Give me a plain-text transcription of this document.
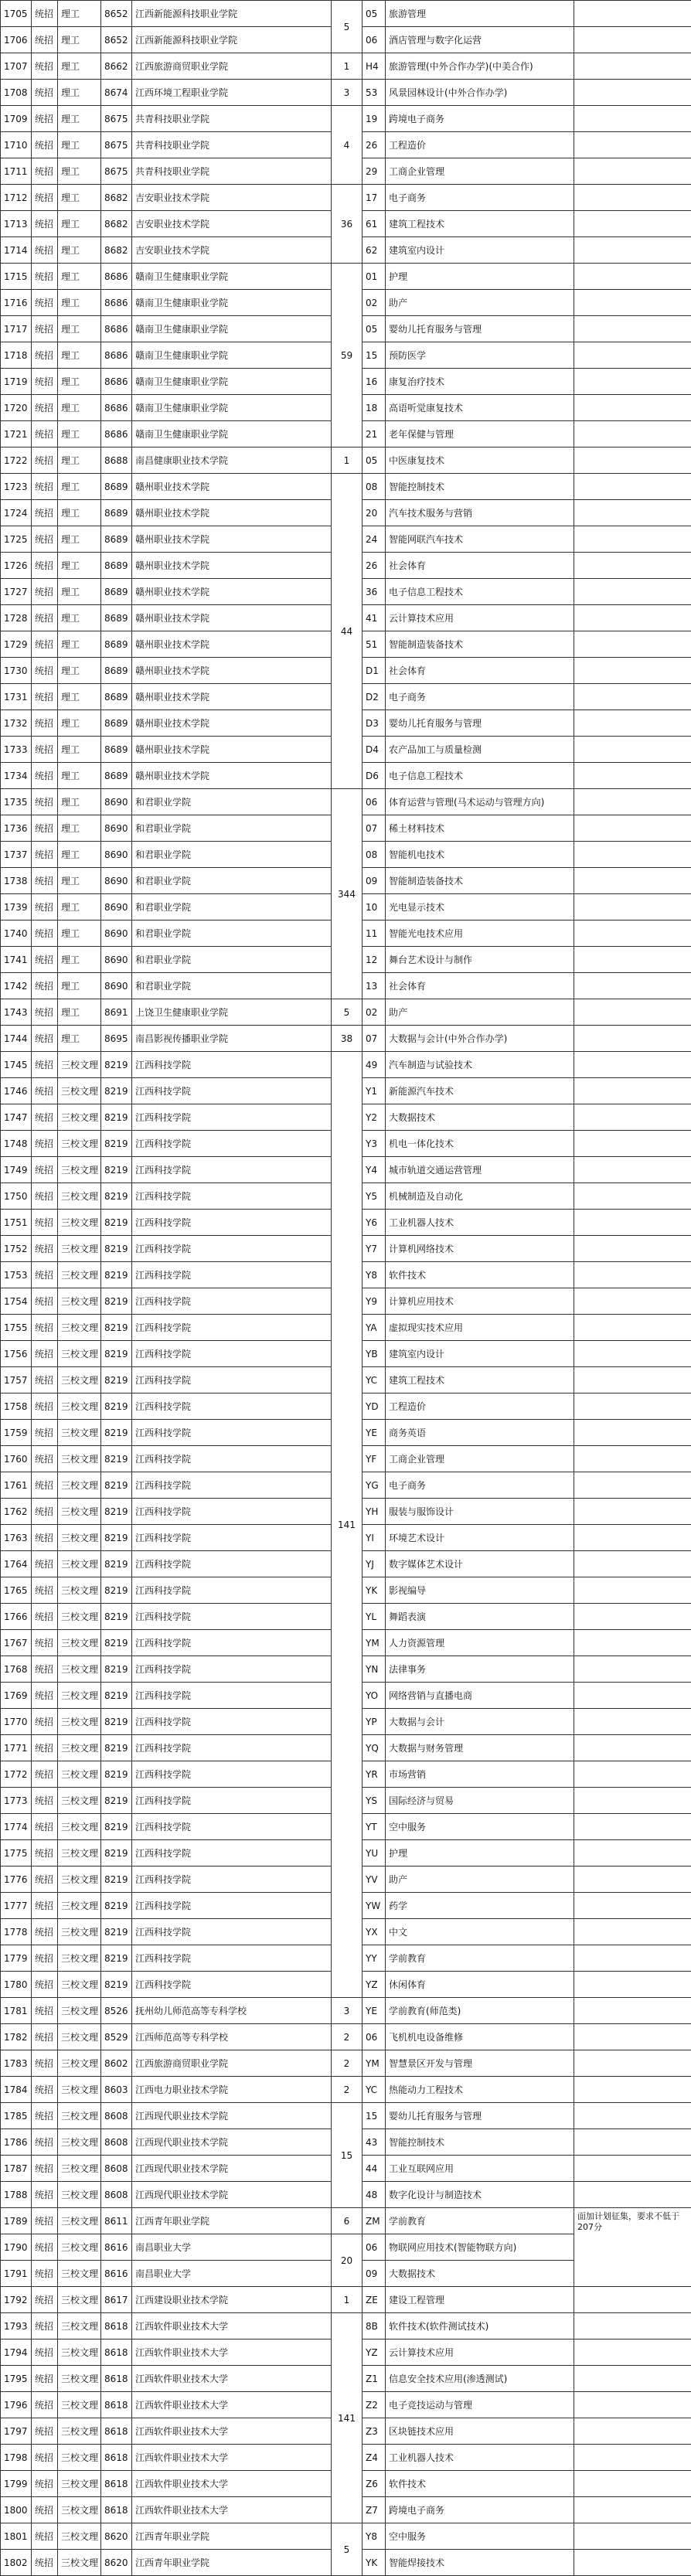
1705	统招	理工	8652	江西新能源科技职业学院	5	05	旅游管理	
1706	统招	理工	8652	江西新能源科技职业学院		06	酒店管理与数字化运营	
1707	统招	理工	8662	江西旅游商贸职业学院	1	H4	旅游管理(中外合作办学)(中美合作)	
1708	统招	理工	8674	江西环境工程职业学院	3	53	风景园林设计(中外合作办学)	
1709	统招	理工	8675	共青科技职业学院	4	19	跨境电子商务	
1710	统招	理工	8675	共青科技职业学院		26	工程造价	
1711	统招	理工	8675	共青科技职业学院		29	工商企业管理	
1712	统招	理工	8682	吉安职业技术学院	36	17	电子商务	
1713	统招	理工	8682	吉安职业技术学院		61	建筑工程技术	
1714	统招	理工	8682	吉安职业技术学院		62	建筑室内设计	
1715	统招	理工	8686	赣南卫生健康职业学院	59	01	护理	
1716	统招	理工	8686	赣南卫生健康职业学院		02	助产	
1717	统招	理工	8686	赣南卫生健康职业学院		05	婴幼儿托育服务与管理	
1718	统招	理工	8686	赣南卫生健康职业学院		15	预防医学	
1719	统招	理工	8686	赣南卫生健康职业学院		16	康复治疗技术	
1720	统招	理工	8686	赣南卫生健康职业学院		18	高语听觉康复技术	
1721	统招	理工	8686	赣南卫生健康职业学院		21	老年保健与管理	
1722	统招	理工	8688	南昌健康职业技术学院	1	05	中医康复技术	
1723	统招	理工	8689	赣州职业技术学院	44	08	智能控制技术	
1724	统招	理工	8689	赣州职业技术学院		20	汽车技术服务与营销	
1725	统招	理工	8689	赣州职业技术学院		24	智能网联汽车技术	
1726	统招	理工	8689	赣州职业技术学院		26	社会体育	
1727	统招	理工	8689	赣州职业技术学院		36	电子信息工程技术	
1728	统招	理工	8689	赣州职业技术学院		41	云计算技术应用	
1729	统招	理工	8689	赣州职业技术学院		51	智能制造装备技术	
1730	统招	理工	8689	赣州职业技术学院		D1	社会体育	
1731	统招	理工	8689	赣州职业技术学院		D2	电子商务	
1732	统招	理工	8689	赣州职业技术学院		D3	婴幼儿托育服务与管理	
1733	统招	理工	8689	赣州职业技术学院		D4	农产品加工与质量检测	
1734	统招	理工	8689	赣州职业技术学院		D6	电子信息工程技术	
1735	统招	理工	8690	和君职业学院	344	06	体育运营与管理(马术运动与管理方向)	
1736	统招	理工	8690	和君职业学院		07	稀土材料技术	
1737	统招	理工	8690	和君职业学院		08	智能机电技术	
1738	统招	理工	8690	和君职业学院		09	智能制造装备技术	
1739	统招	理工	8690	和君职业学院		10	光电显示技术	
1740	统招	理工	8690	和君职业学院		11	智能光电技术应用	
1741	统招	理工	8690	和君职业学院		12	舞台艺术设计与制作	
1742	统招	理工	8690	和君职业学院		13	社会体育	
1743	统招	理工	8691	上饶卫生健康职业学院	5	02	助产	
1744	统招	理工	8695	南昌影视传播职业学院	38	07	大数据与会计(中外合作办学)	
1745	统招	三校文理	8219	江西科技学院	141	49	汽车制造与试验技术	
1746	统招	三校文理	8219	江西科技学院		Y1	新能源汽车技术	
1747	统招	三校文理	8219	江西科技学院		Y2	大数据技术	
1748	统招	三校文理	8219	江西科技学院		Y3	机电一体化技术	
1749	统招	三校文理	8219	江西科技学院		Y4	城市轨道交通运营管理	
1750	统招	三校文理	8219	江西科技学院		Y5	机械制造及自动化	
1751	统招	三校文理	8219	江西科技学院		Y6	工业机器人技术	
1752	统招	三校文理	8219	江西科技学院		Y7	计算机网络技术	
1753	统招	三校文理	8219	江西科技学院		Y8	软件技术	
1754	统招	三校文理	8219	江西科技学院		Y9	计算机应用技术	
1755	统招	三校文理	8219	江西科技学院		YA	虚拟现实技术应用	
1756	统招	三校文理	8219	江西科技学院		YB	建筑室内设计	
1757	统招	三校文理	8219	江西科技学院		YC	建筑工程技术	
1758	统招	三校文理	8219	江西科技学院		YD	工程造价	
1759	统招	三校文理	8219	江西科技学院		YE	商务英语	
1760	统招	三校文理	8219	江西科技学院		YF	工商企业管理	
1761	统招	三校文理	8219	江西科技学院		YG	电子商务	
1762	统招	三校文理	8219	江西科技学院		YH	服装与服饰设计	
1763	统招	三校文理	8219	江西科技学院		YI	环境艺术设计	
1764	统招	三校文理	8219	江西科技学院		YJ	数字媒体艺术设计	
1765	统招	三校文理	8219	江西科技学院		YK	影视编导	
1766	统招	三校文理	8219	江西科技学院		YL	舞蹈表演	
1767	统招	三校文理	8219	江西科技学院		YM	人力资源管理	
1768	统招	三校文理	8219	江西科技学院		YN	法律事务	
1769	统招	三校文理	8219	江西科技学院		YO	网络营销与直播电商	
1770	统招	三校文理	8219	江西科技学院		YP	大数据与会计	
1771	统招	三校文理	8219	江西科技学院		YQ	大数据与财务管理	
1772	统招	三校文理	8219	江西科技学院		YR	市场营销	
1773	统招	三校文理	8219	江西科技学院		YS	国际经济与贸易	
1774	统招	三校文理	8219	江西科技学院		YT	空中服务	
1775	统招	三校文理	8219	江西科技学院		YU	护理	
1776	统招	三校文理	8219	江西科技学院		YV	助产	
1777	统招	三校文理	8219	江西科技学院		YW	药学	
1778	统招	三校文理	8219	江西科技学院		YX	中文	
1779	统招	三校文理	8219	江西科技学院		YY	学前教育	
1780	统招	三校文理	8219	江西科技学院		YZ	休闲体育	
1781	统招	三校文理	8526	抚州幼儿师范高等专科学校	3	YE	学前教育(师范类)	
1782	统招	三校文理	8529	江西师范高等专科学校	2	06	飞机机电设备维修	
1783	统招	三校文理	8602	江西旅游商贸职业学院	2	YM	智慧景区开发与管理	
1784	统招	三校文理	8603	江西电力职业技术学院	2	YC	热能动力工程技术	
1785	统招	三校文理	8608	江西现代职业技术学院	15	15	婴幼儿托育服务与管理	
1786	统招	三校文理	8608	江西现代职业技术学院		43	智能控制技术	
1787	统招	三校文理	8608	江西现代职业技术学院		44	工业互联网应用	
1788	统招	三校文理	8608	江西现代职业技术学院		48	数字化设计与制造技术	
1789	统招	三校文理	8611	江西青年职业学院	6	ZM	学前教育	面加计划征集，要求不低于207分
1790	统招	三校文理	8616	南昌职业大学	20	06	物联网应用技术(智能物联方向)	
1791	统招	三校文理	8616	南昌职业大学		09	大数据技术	
1792	统招	三校文理	8617	江西建设职业技术学院	1	ZE	建设工程管理	
1793	统招	三校文理	8618	江西软件职业技术大学	141	8B	软件技术(软件测试技术)	
1794	统招	三校文理	8618	江西软件职业技术大学		YZ	云计算技术应用	
1795	统招	三校文理	8618	江西软件职业技术大学		Z1	信息安全技术应用(渗透测试)	
1796	统招	三校文理	8618	江西软件职业技术大学		Z2	电子竞技运动与管理	
1797	统招	三校文理	8618	江西软件职业技术大学		Z3	区块链技术应用	
1798	统招	三校文理	8618	江西软件职业技术大学		Z4	工业机器人技术	
1799	统招	三校文理	8618	江西软件职业技术大学		Z6	软件技术	
1800	统招	三校文理	8618	江西软件职业技术大学		Z7	跨境电子商务	
1801	统招	三校文理	8620	江西青年职业学院	5	Y8	空中服务	
1802	统招	三校文理	8620	江西青年职业学院		YK	智能焊接技术	
